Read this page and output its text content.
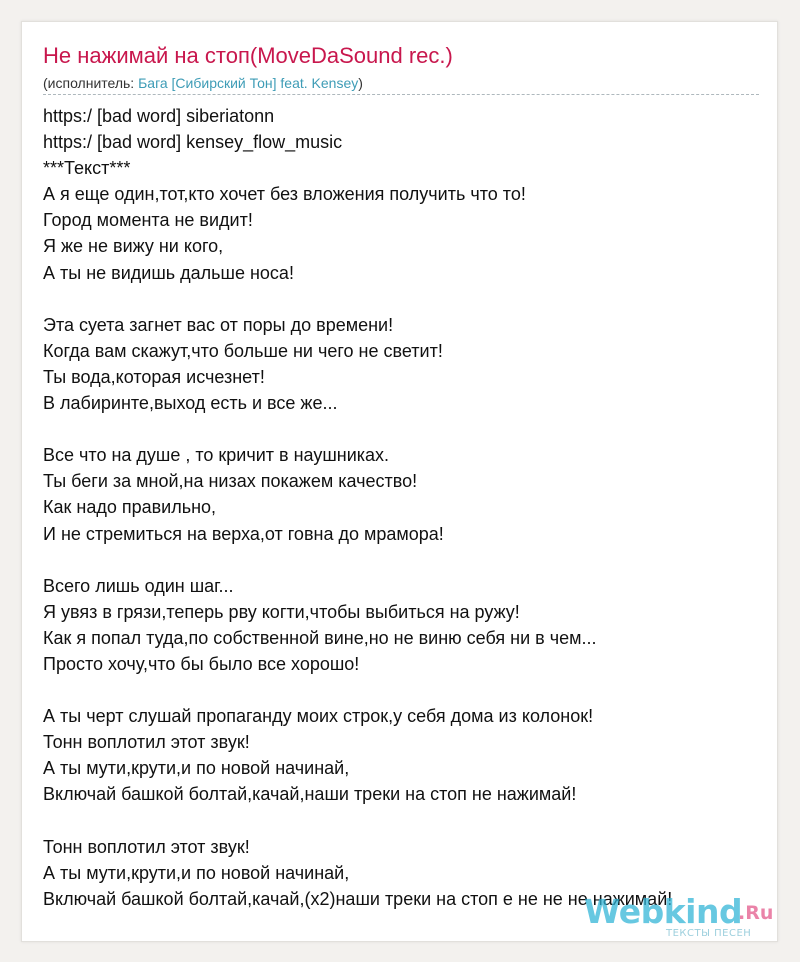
Не нажимай на стоп(MoveDaSound rec.)
(исполнитель: Бага [Сибирский Тон] feat. Kensey)
https:/ [bad word] siberiatonn
https:/ [bad word] kensey_flow_music
***Текст***
А я еще один,тот,кто хочет без вложения получить что то!
Город момента не видит!
Я же не вижу ни кого,
А ты не видишь дальше носа!
Эта суета загнет вас от поры до времени!
Когда вам скажут,что больше ни чего не светит!
Ты вода,которая исчезнет!
В лабиринте,выход есть и все же...
Все что на душе , то кричит в наушниках.
Ты беги за мной,на низах покажем качество!
Как надо правильно,
И не стремиться на верха,от говна до мрамора!
Всего лишь один шаг...
Я увяз в грязи,теперь рву когти,чтобы выбиться на ружу!
Как я попал туда,по собственной вине,но не виню себя ни в чем...
Просто хочу,что бы было все хорошо!
А ты черт слушай пропаганду моих строк,у себя дома из колонок!
Тонн воплотил этот звук!
А ты мути,крути,и по новой начинай,
Включай башкой болтай,качай,наши треки на стоп не нажимай!
Тонн воплотил этот звук!
А ты мути,крути,и по новой начинай,
Включай башкой болтай,качай,(x2)наши треки на стоп е не не не нажимай!
Webkind
.Ru
ТЕКСТЫ ПЕСЕН
